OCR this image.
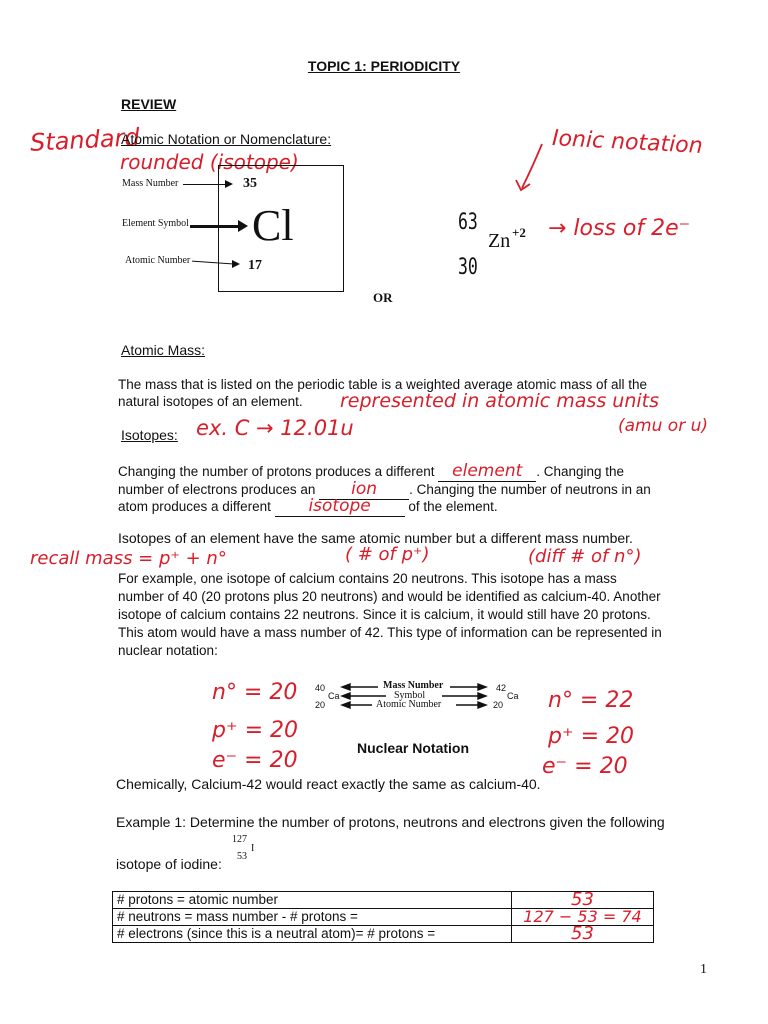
TOPIC 1: PERIODICITY
REVIEW
Standard
Atomic Notation or Nomenclature:
rounded (isotope)
Mass Number	35
Element Symbol Cl
Atomic Number	17
OR
Ionic notation
63
Zn +2
30
→ loss of 2e⁻
Atomic Mass:
The mass that is listed on the periodic table is a weighted average atomic mass of all the
natural isotopes of an element. represented in atomic mass units
(amu or u)
Isotopes: ex. C → 12.01u
Changing the number of protons produces a different element	. Changing the
number of electrons produces an	ion	. Changing the number of neutrons in an
atom produces a different	isotope	of the element.
Isotopes of an element have the same atomic number but a different mass number.
recall mass = p⁺ + n°	( # of p⁺)	(diff # of n°)
For example, one isotope of calcium contains 20 neutrons. This isotope has a mass
number of 40 (20 protons plus 20 neutrons) and would be identified as calcium-40. Another
isotope of calcium contains 22 neutrons. Since it is calcium, it would still have 20 protons.
This atom would have a mass number of 42. This type of information can be represented in
nuclear notation:
40
Ca
20
42
Ca
20
Mass Number
Symbol
Atomic Number
Nuclear Notation
n° = 20
p⁺ = 20
e⁻ = 20
n° = 22
p⁺ = 20
e⁻ = 20
Chemically, Calcium-42 would react exactly the same as calcium-40.
Example 1: Determine the number of protons, neutrons and electrons given the following
127
I
53
isotope of iodine:
# protons = atomic number	53
# neutrons = mass number - # protons =	127 − 53 = 74
# electrons (since this is a neutral atom)= # protons =	53
1
